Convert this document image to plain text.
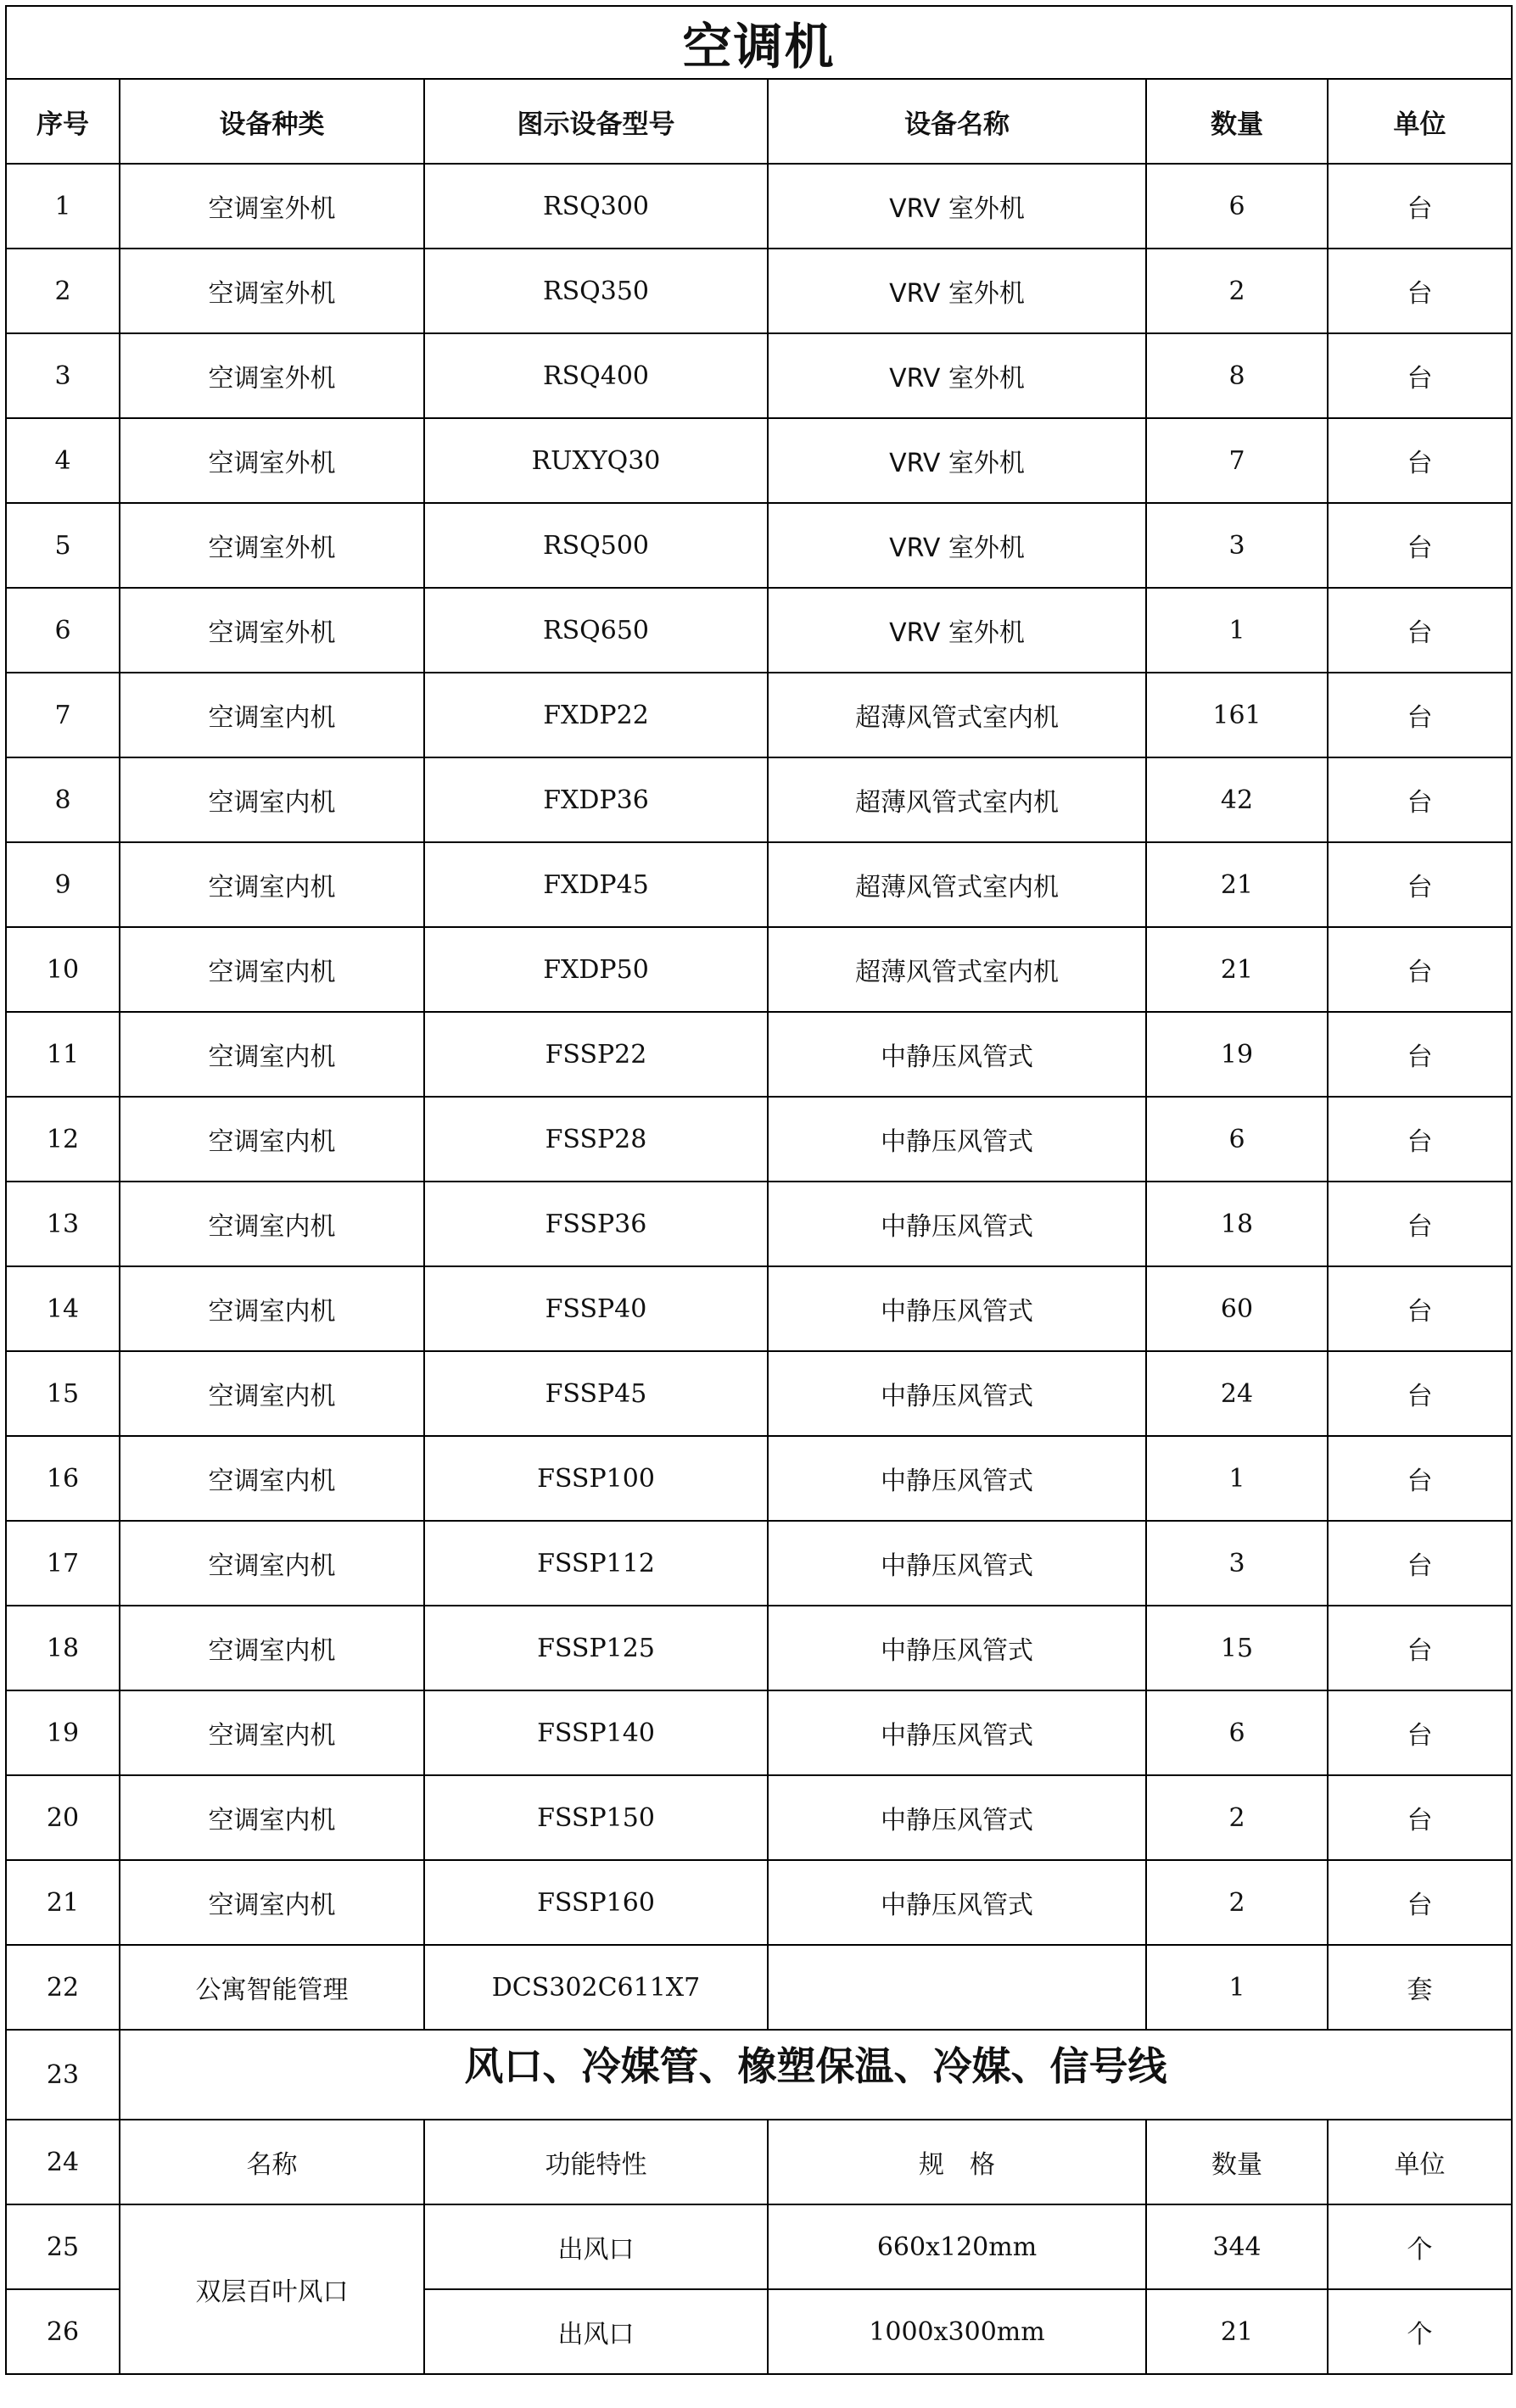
空调机					
序号	设备种类	图示设备型号	设备名称	数量	单位
1	空调室外机	RSQ300	VRV 室外机	6	台
2	空调室外机	RSQ350	VRV 室外机	2	台
3	空调室外机	RSQ400	VRV 室外机	8	台
4	空调室外机	RUXYQ30	VRV 室外机	7	台
5	空调室外机	RSQ500	VRV 室外机	3	台
6	空调室外机	RSQ650	VRV 室外机	1	台
7	空调室内机	FXDP22	超薄风管式室内机	161	台
8	空调室内机	FXDP36	超薄风管式室内机	42	台
9	空调室内机	FXDP45	超薄风管式室内机	21	台
10	空调室内机	FXDP50	超薄风管式室内机	21	台
11	空调室内机	FSSP22	中静压风管式	19	台
12	空调室内机	FSSP28	中静压风管式	6	台
13	空调室内机	FSSP36	中静压风管式	18	台
14	空调室内机	FSSP40	中静压风管式	60	台
15	空调室内机	FSSP45	中静压风管式	24	台
16	空调室内机	FSSP100	中静压风管式	1	台
17	空调室内机	FSSP112	中静压风管式	3	台
18	空调室内机	FSSP125	中静压风管式	15	台
19	空调室内机	FSSP140	中静压风管式	6	台
20	空调室内机	FSSP150	中静压风管式	2	台
21	空调室内机	FSSP160	中静压风管式	2	台
22	公寓智能管理	DCS302C611X7		1	套
23	风口、冷媒管、橡塑保温、冷媒、信号线				
24	名称	功能特性	规　格	数量	单位
25	双层百叶风口	出风口	660x120mm	344	个
26		出风口	1000x300mm	21	个
